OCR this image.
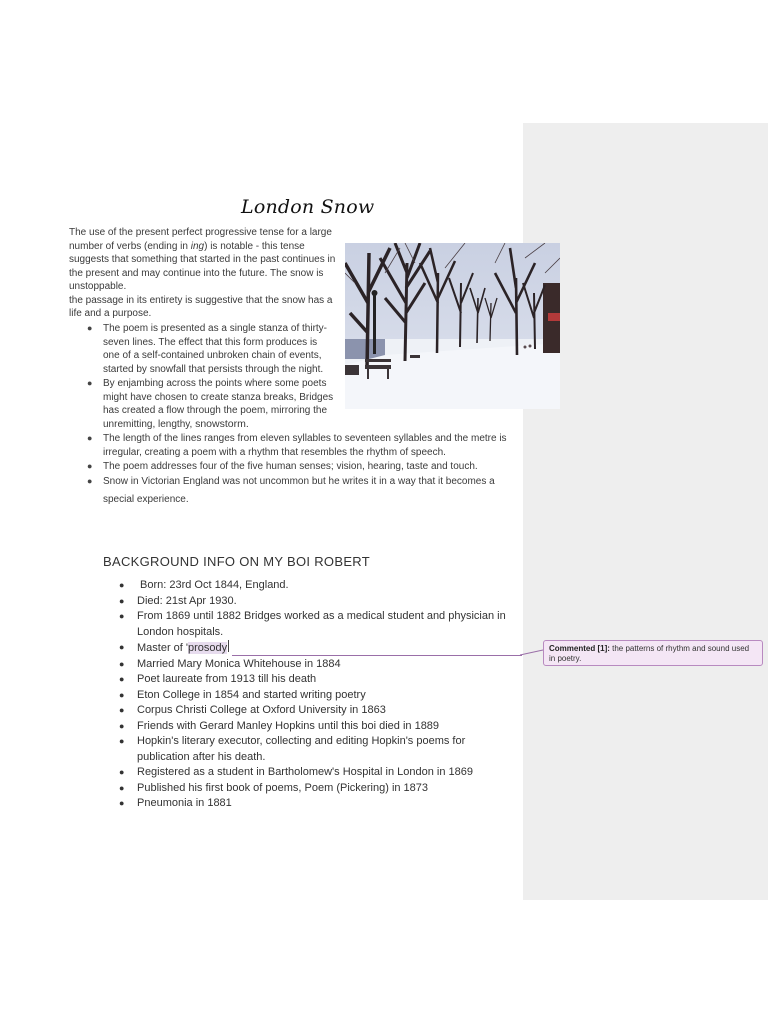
London Snow

The use of the present perfect progressive tense for a large number of verbs (ending in ing) is notable - this tense suggests that something that started in the past continues in the present and may continue into the future. The snow is unstoppable.

the passage in its entirety is suggestive that the snow has a life and a purpose.

● The poem is presented as a single stanza of thirty-seven lines. The effect that this form produces is one of a self-contained unbroken chain of events, started by snowfall that persists through the night.
● By enjambing across the points where some poets might have chosen to create stanza breaks, Bridges has created a flow through the poem, mirroring the unremitting, lengthy, snowstorm.
● The length of the lines ranges from eleven syllables to seventeen syllables and the metre is irregular, creating a poem with a rhythm that resembles the rhythm of speech.
● The poem addresses four of the five human senses; vision, hearing, taste and touch.
● Snow in Victorian England was not uncommon but he writes it in a way that it becomes a
special experience.
BACKGROUND INFO ON MY BOI ROBERT
● Born: 23rd Oct 1844, England.
● Died: 21st Apr 1930.
● From 1869 until 1882 Bridges worked as a medical student and physician in London hospitals.
● Master of 'prosody
● Married Mary Monica Whitehouse in 1884
● Poet laureate from 1913 till his death
● Eton College in 1854 and started writing poetry
● Corpus Christi College at Oxford University in 1863
● Friends with Gerard Manley Hopkins until this boi died in 1889
● Hopkin's literary executor, collecting and editing Hopkin's poems for publication after his death.
● Registered as a student in Bartholomew's Hospital in London in 1869
● Published his first book of poems, Poem (Pickering) in 1873
● Pneumonia in 1881
Commented [1]: the patterns of rhythm and sound used in poetry.
